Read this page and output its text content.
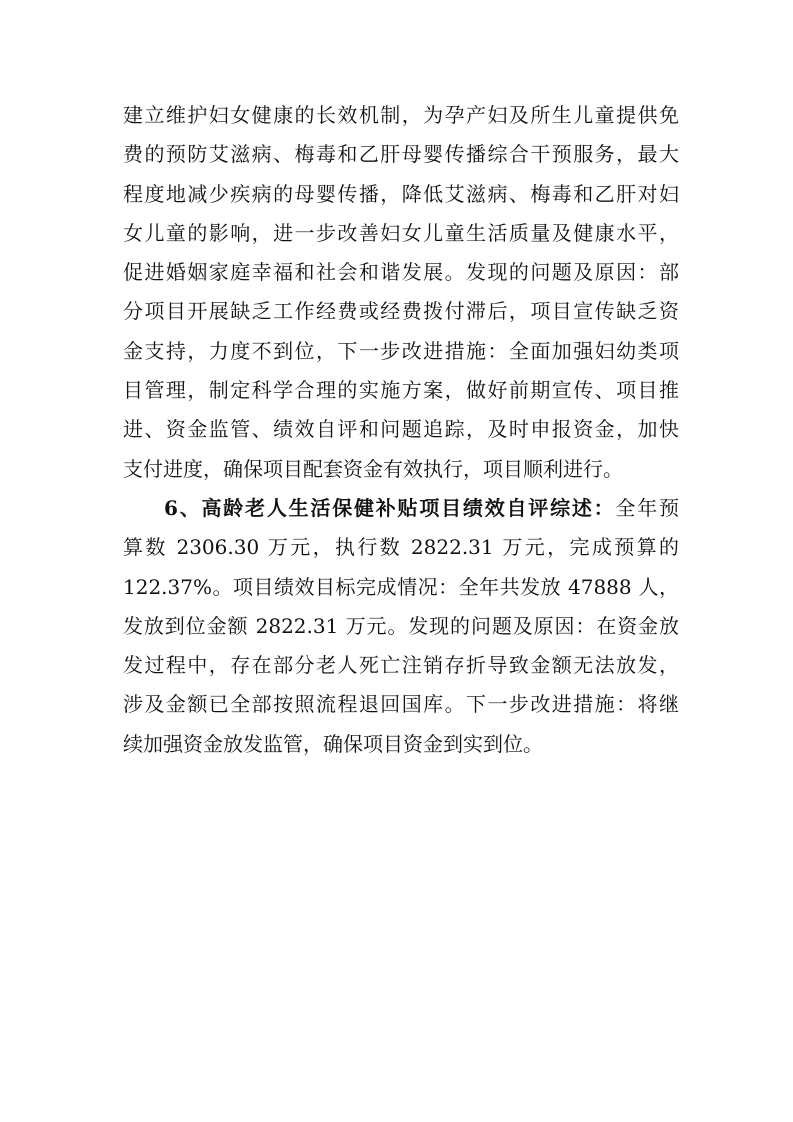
建立维护妇女健康的长效机制，为孕产妇及所生儿童提供免
费的预防艾滋病、梅毒和乙肝母婴传播综合干预服务，最大
程度地减少疾病的母婴传播，降低艾滋病、梅毒和乙肝对妇
女儿童的影响，进一步改善妇女儿童生活质量及健康水平，
促进婚姻家庭幸福和社会和谐发展。发现的问题及原因：部
分项目开展缺乏工作经费或经费拨付滞后，项目宣传缺乏资
金支持，力度不到位，下一步改进措施：全面加强妇幼类项
目管理，制定科学合理的实施方案，做好前期宣传、项目推
进、资金监管、绩效自评和问题追踪，及时申报资金，加快
支付进度，确保项目配套资金有效执行，项目顺利进行。
6、高龄老人生活保健补贴项目绩效自评综述：全年预
算数 2306.30 万元，执行数 2822.31 万元，完成预算的
122.37%。项目绩效目标完成情况：全年共发放 47888 人，
发放到位金额 2822.31 万元。发现的问题及原因：在资金放
发过程中，存在部分老人死亡注销存折导致金额无法放发，
涉及金额已全部按照流程退回国库。下一步改进措施：将继
续加强资金放发监管，确保项目资金到实到位。
